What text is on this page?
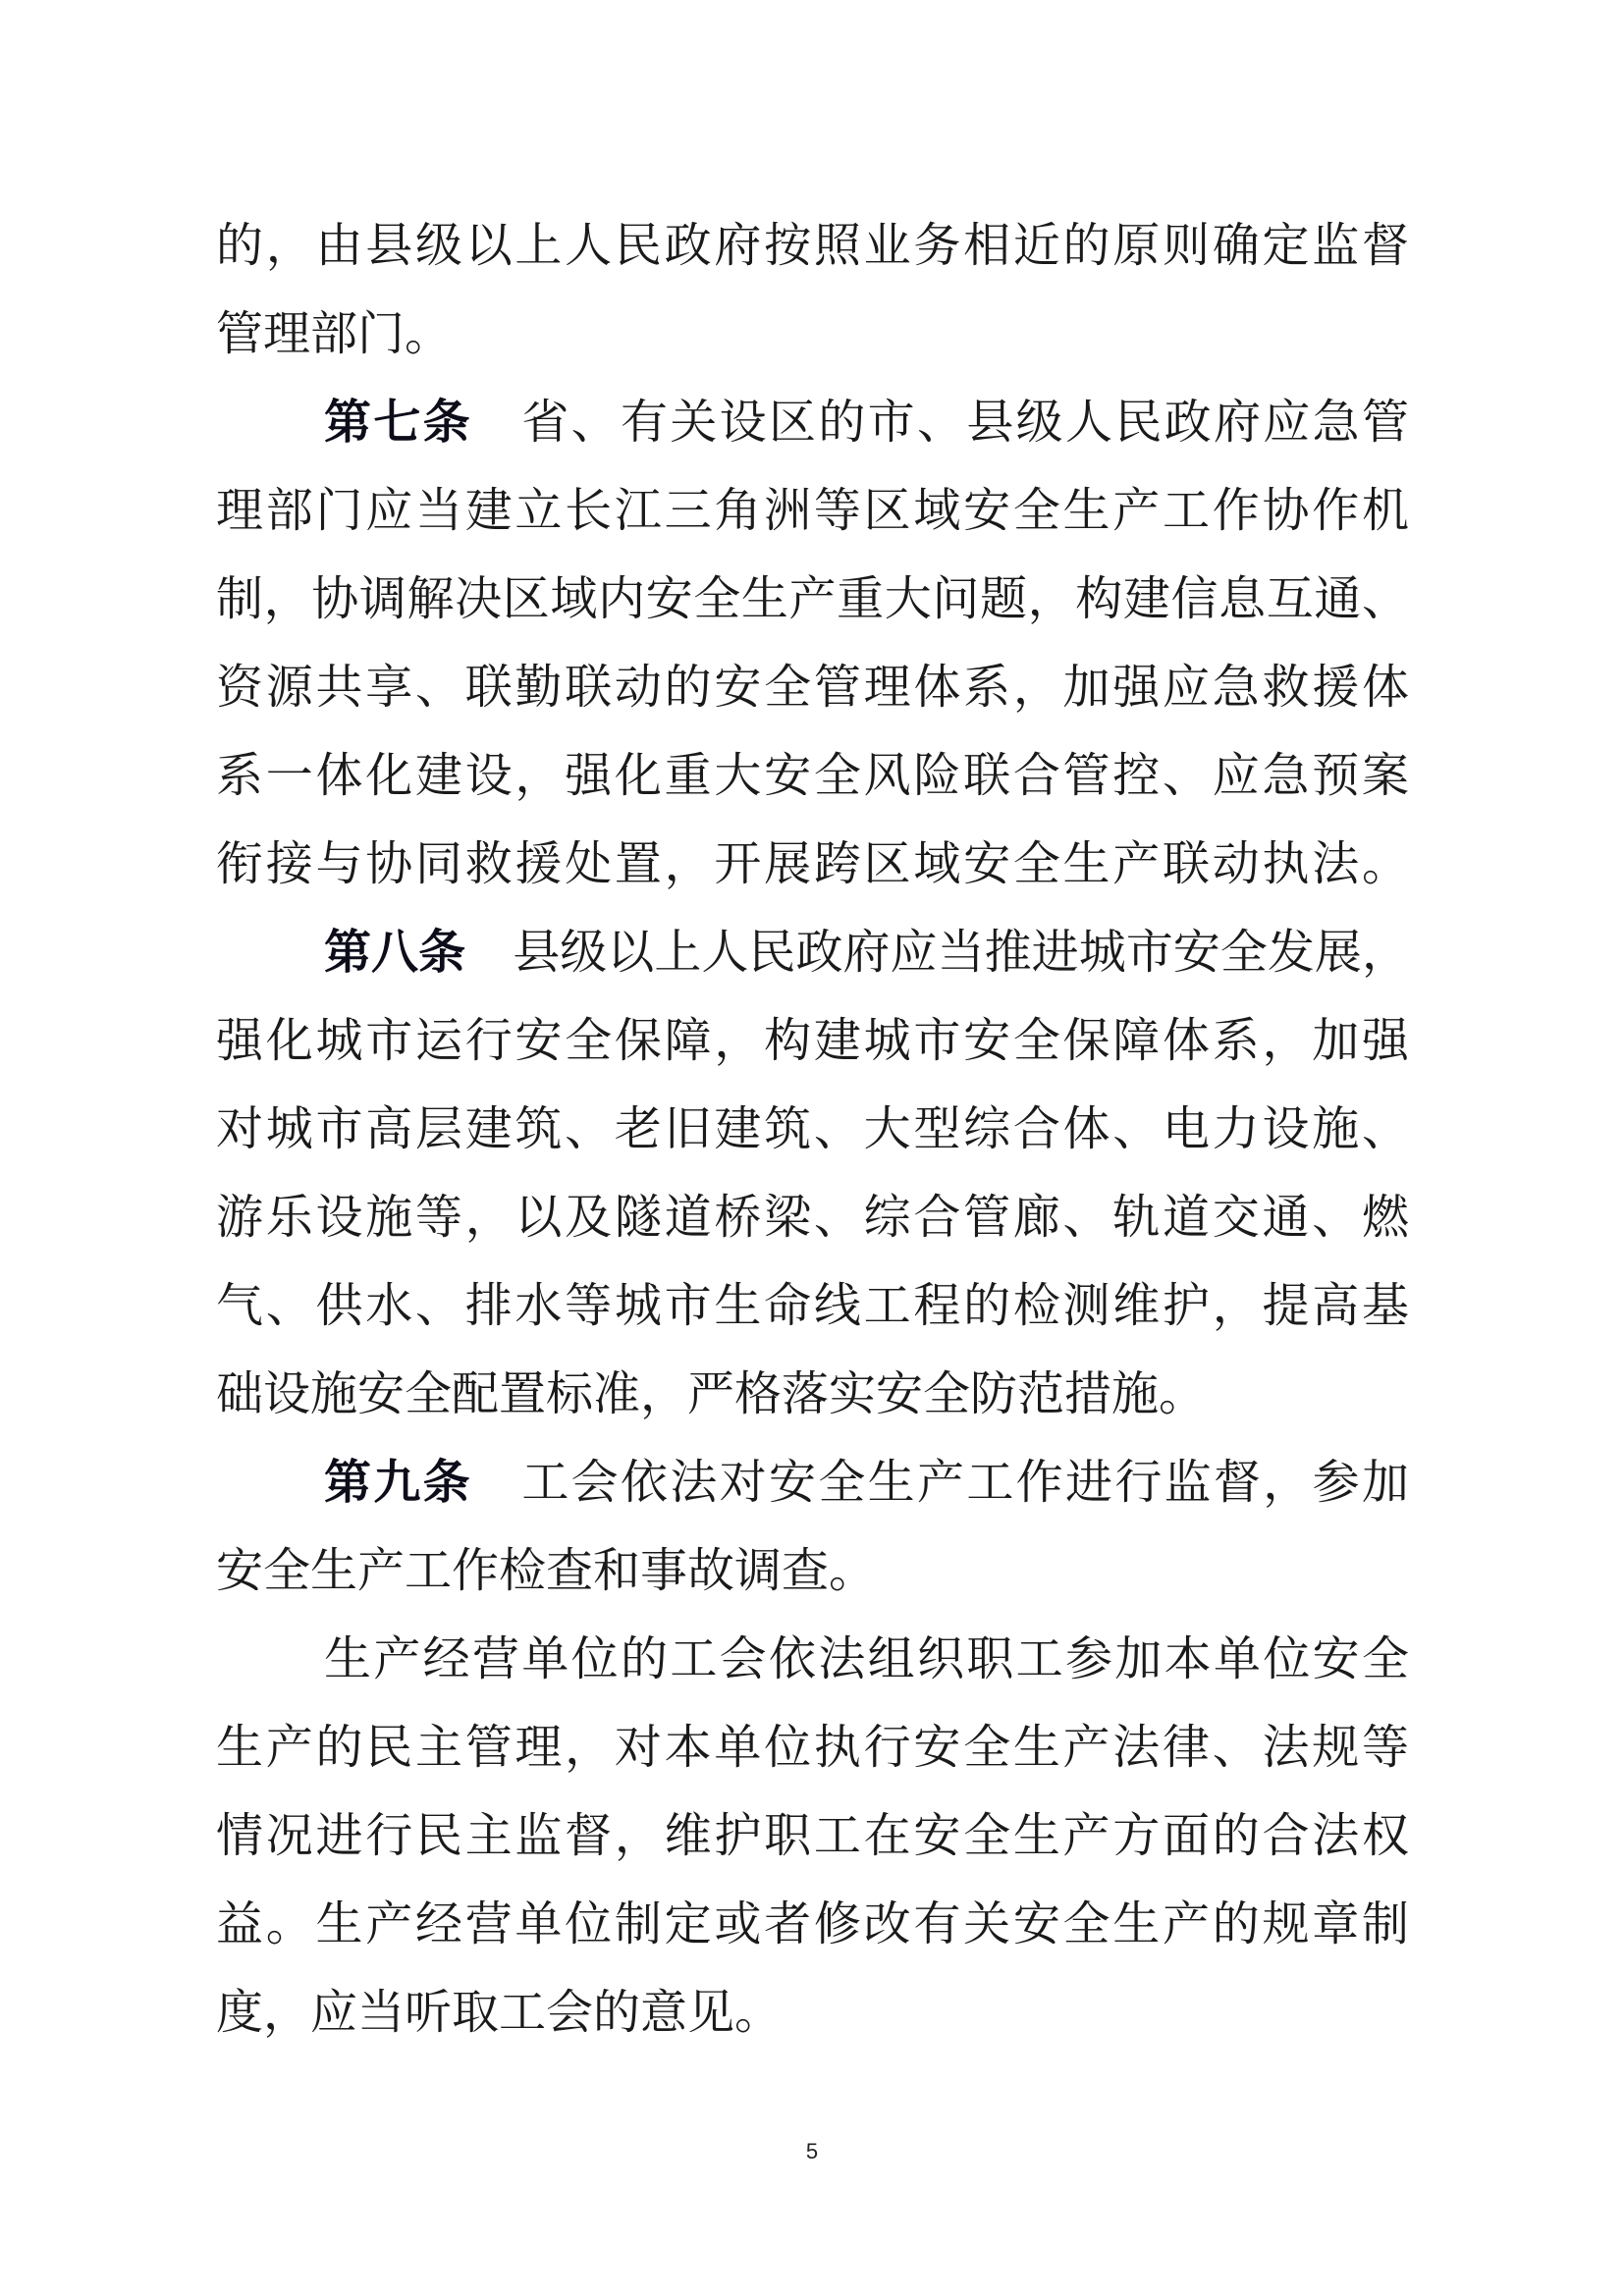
的，由县级以上人民政府按照业务相近的原则确定监督
管理部门。
第七条　 省、有关设区的市、县级人民政府应急管
理部门应当建立长江三角洲等区域安全生产工作协作机
制，协调解决区域内安全生产重大问题，构建信息互通、
资源共享、联勤联动的安全管理体系，加强应急救援体
系一体化建设，强化重大安全风险联合管控、应急预案
衔接与协同救援处置，开展跨区域安全生产联动执法。
第八条　 县级以上人民政府应当推进城市安全发展，
强化城市运行安全保障，构建城市安全保障体系，加强
对城市高层建筑、老旧建筑、大型综合体、电力设施、
游乐设施等，以及隧道桥梁、综合管廊、轨道交通、燃
气、供水、排水等城市生命线工程的检测维护，提高基
础设施安全配置标准，严格落实安全防范措施。
第九条　 工会依法对安全生产工作进行监督，参加
安全生产工作检查和事故调查。
生产经营单位的工会依法组织职工参加本单位安全
生产的民主管理，对本单位执行安全生产法律、法规等
情况进行民主监督，维护职工在安全生产方面的合法权
益。生产经营单位制定或者修改有关安全生产的规章制
度，应当听取工会的意见。
5
